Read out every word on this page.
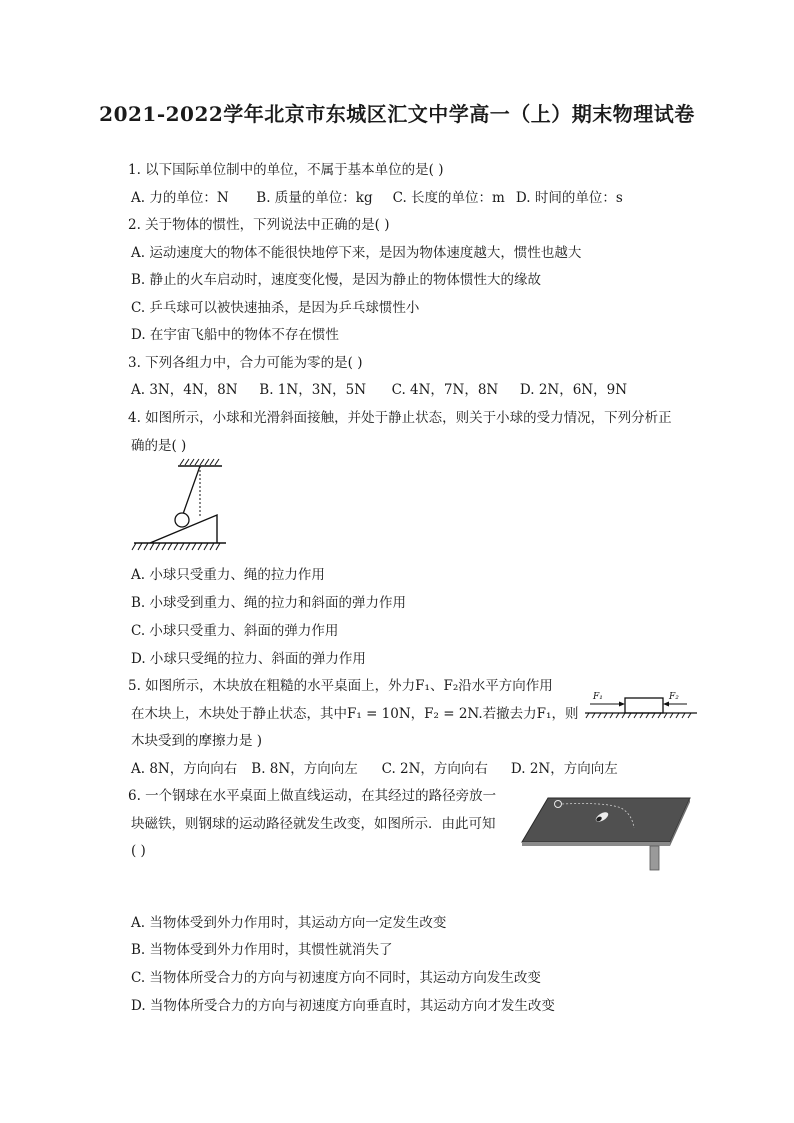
2021-2022学年北京市东城区汇文中学高一（上）期末物理试卷
1. 以下国际单位制中的单位，不属于基本单位的是( )
A. 力的单位：N B. 质量的单位：kg C. 长度的单位：m D. 时间的单位：s
2. 关于物体的惯性，下列说法中正确的是( )
A. 运动速度大的物体不能很快地停下来，是因为物体速度越大，惯性也越大
B. 静止的火车启动时，速度变化慢，是因为静止的物体惯性大的缘故
C. 乒乓球可以被快速抽杀，是因为乒乓球惯性小
D. 在宇宙飞船中的物体不存在惯性
3. 下列各组力中，合力可能为零的是( )
A. 3N，4N，8N B. 1N，3N，5N C. 4N，7N，8N D. 2N，6N，9N
4. 如图所示，小球和光滑斜面接触，并处于静止状态，则关于小球的受力情况，下列分析正
确的是( )
A. 小球只受重力、绳的拉力作用
B. 小球受到重力、绳的拉力和斜面的弹力作用
C. 小球只受重力、斜面的弹力作用
D. 小球只受绳的拉力、斜面的弹力作用
5. 如图所示，木块放在粗糙的水平桌面上，外力F₁、F₂沿水平方向作用
在木块上，木块处于静止状态，其中F₁ = 10N，F₂ = 2N.若撤去力F₁，则
木块受到的摩擦力是 )
F₁	F₂
A. 8N，方向向右 B. 8N，方向向左 C. 2N，方向向右 D. 2N，方向向左
6. 一个钢球在水平桌面上做直线运动，在其经过的路径旁放一
块磁铁，则钢球的运动路径就发生改变，如图所示．由此可知
( )
A. 当物体受到外力作用时，其运动方向一定发生改变
B. 当物体受到外力作用时，其惯性就消失了
C. 当物体所受合力的方向与初速度方向不同时，其运动方向发生改变
D. 当物体所受合力的方向与初速度方向垂直时，其运动方向才发生改变
